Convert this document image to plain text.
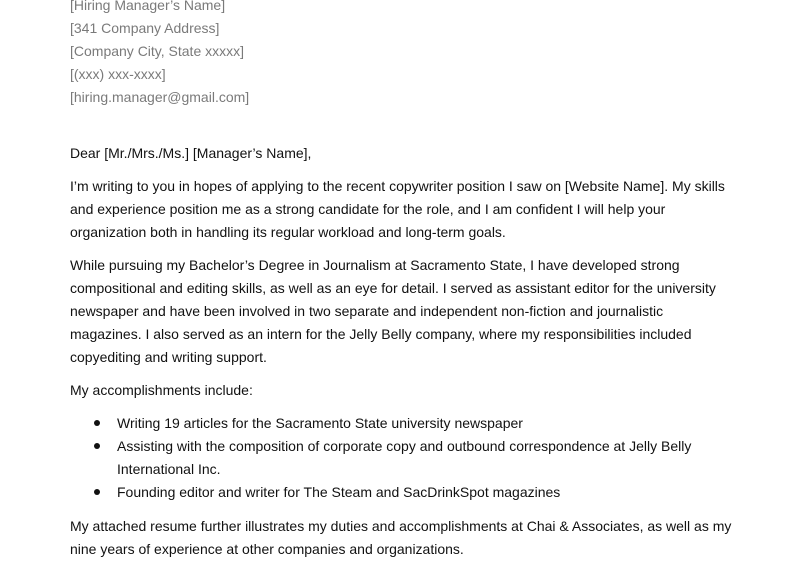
[Hiring Manager’s Name]
[341 Company Address]
[Company City, State xxxxx]
[(xxx) xxx-xxxx]
[hiring.manager@gmail.com]
Dear [Mr./Mrs./Ms.] [Manager’s Name],

I’m writing to you in hopes of applying to the recent copywriter position I saw on [Website Name]. My skills
and experience position me as a strong candidate for the role, and I am confident I will help your
organization both in handling its regular workload and long-term goals.

While pursuing my Bachelor’s Degree in Journalism at Sacramento State, I have developed strong
compositional and editing skills, as well as an eye for detail. I served as assistant editor for the university
newspaper and have been involved in two separate and independent non-fiction and journalistic
magazines. I also served as an intern for the Jelly Belly company, where my responsibilities included
copyediting and writing support.

My accomplishments include:
Writing 19 articles for the Sacramento State university newspaper
Assisting with the composition of corporate copy and outbound correspondence at Jelly Belly
International Inc.
Founding editor and writer for The Steam and SacDrinkSpot magazines

My attached resume further illustrates my duties and accomplishments at Chai & Associates, as well as my
nine years of experience at other companies and organizations.
